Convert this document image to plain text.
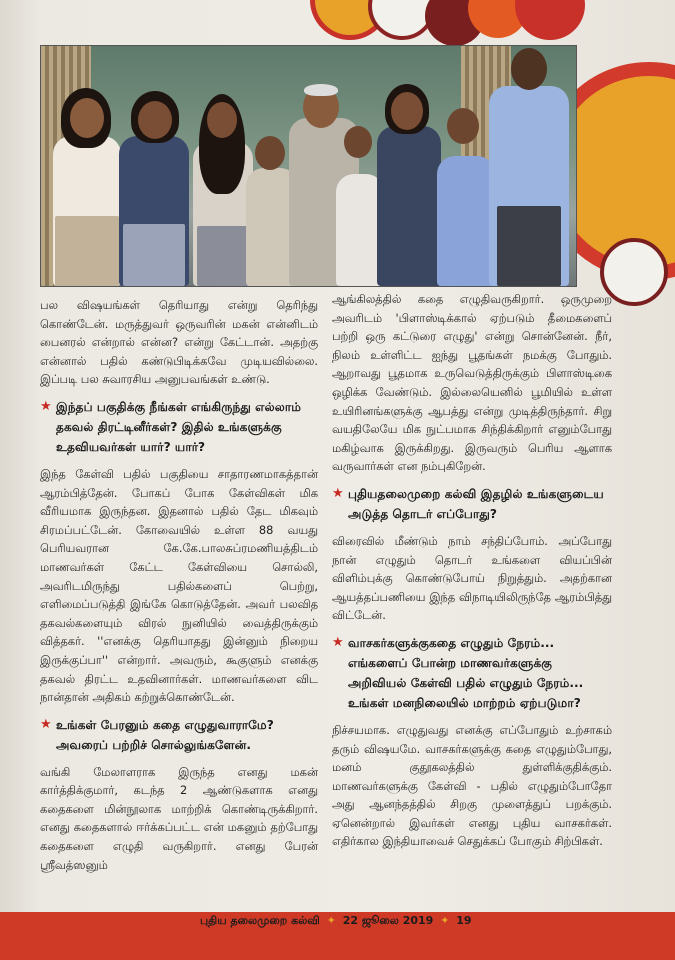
பல விஷயங்கள் தெரியாது என்று தெரிந்து கொண்டேன். மருத்துவர் ஒருவரின் மகன் என்னிடம் பைனரல் என்றால் என்ன? என்று கேட்டான். அதற்கு என்னால் பதில் கண்டுபிடிக்கவே முடியவில்லை. இப்படி பல சுவாரசிய அனுபவங்கள் உண்டு.

★ இந்தப் பகுதிக்கு நீங்கள் எங்கிருந்து எல்லாம் தகவல் திரட்டினீர்கள்? இதில் உங்களுக்கு உதவியவர்கள் யார்? யார்?

இந்த கேள்வி பதில் பகுதியை சாதாரணமாகத்தான் ஆரம்பித்தேன். போகப் போக கேள்விகள் மிக வீரியமாக இருந்தன. இதனால் பதில் தேட மிகவும் சிரமப்பட்டேன். கோவையில் உள்ள 88 வயது பெரியவரான கே.கே.பாலசுப்ரமணியத்திடம் மாணவர்கள் கேட்ட கேள்வியை சொல்லி, அவரிடமிருந்து பதில்களைப் பெற்று, எளிமைப்படுத்தி இங்கே கொடுத்தேன். அவர் பலவித தகவல்களையும் விரல் நுனியில் வைத்திருக்கும் வித்தகர். ''எனக்கு தெரியாதது இன்னும் நிறைய இருக்குப்பா'' என்றார். அவரும், கூகுளும் எனக்கு தகவல் திரட்ட உதவினார்கள். மாணவர்களை விட நான்தான் அதிகம் கற்றுக்கொண்டேன்.

★ உங்கள் பேரனும் கதை எழுதுவாராமே? அவரைப் பற்றிச் சொல்லுங்களேன்.

வங்கி மேலாளராக இருந்த எனது மகன் கார்த்திக்குமார், கடந்த 2 ஆண்டுகளாக எனது கதைகளை மின்நூலாக மாற்றிக் கொண்டிருக்கிறார். எனது கதைகளால் ஈர்க்கப்பட்ட என் மகனும் தற்போது கதைகளை எழுதி வருகிறார். எனது பேரன் ஸ்ரீவத்ஸனும்

ஆங்கிலத்தில் கதை எழுதிவருகிறார். ஒருமுறை அவரிடம் 'பிளாஸ்டிக்கால் ஏற்படும் தீமைகளைப் பற்றி ஒரு கட்டுரை எழுது' என்று சொன்னேன். நீர், நிலம் உள்ளிட்ட ஐந்து பூதங்கள் நமக்கு போதும். ஆறாவது பூதமாக உருவெடுத்திருக்கும் பிளாஸ்டிகை ஒழிக்க வேண்டும். இல்லையெனில் பூமியில் உள்ள உயிரினங்களுக்கு ஆபத்து என்று முடித்திருந்தார். சிறு வயதிலேயே மிக நுட்பமாக சிந்திக்கிறார் எனும்போது மகிழ்வாக இருக்கிறது. இருவரும் பெரிய ஆளாக வருவார்கள் என நம்புகிறேன்.

★ புதியதலைமுறை கல்வி இதழில் உங்களுடைய அடுத்த தொடர் எப்போது?

விரைவில் மீண்டும் நாம் சந்திப்போம். அப்போது நான் எழுதும் தொடர் உங்களை வியப்பின் விளிம்புக்கு கொண்டுபோய் நிறுத்தும். அதற்கான ஆயத்தப்பணியை இந்த விநாடியிலிருந்தே ஆரம்பித்து விட்டேன்.

★ வாசகர்களுக்குகதை எழுதும் நேரம்... எங்களைப் போன்ற மாணவர்களுக்கு அறிவியல் கேள்வி பதில் எழுதும் நேரம்... உங்கள் மனநிலையில் மாற்றம் ஏற்படுமா?

நிச்சயமாக. எழுதுவது எனக்கு எப்போதும் உற்சாகம் தரும் விஷயமே. வாசகர்களுக்கு கதை எழுதும்போது, மனம் குதூகலத்தில் துள்ளிக்குதிக்கும். மாணவர்களுக்கு கேள்வி - பதில் எழுதும்போதோ அது ஆனந்தத்தில் சிறகு முளைத்துப் பறக்கும். ஏனென்றால் இவர்கள் எனது புதிய வாசகர்கள். எதிர்கால இந்தியாவைச் செதுக்கப் போகும் சிற்பிகள்.

புதிய தலைமுறை கல்வி ✦ 22 ஜூலை 2019 ✦ 19
